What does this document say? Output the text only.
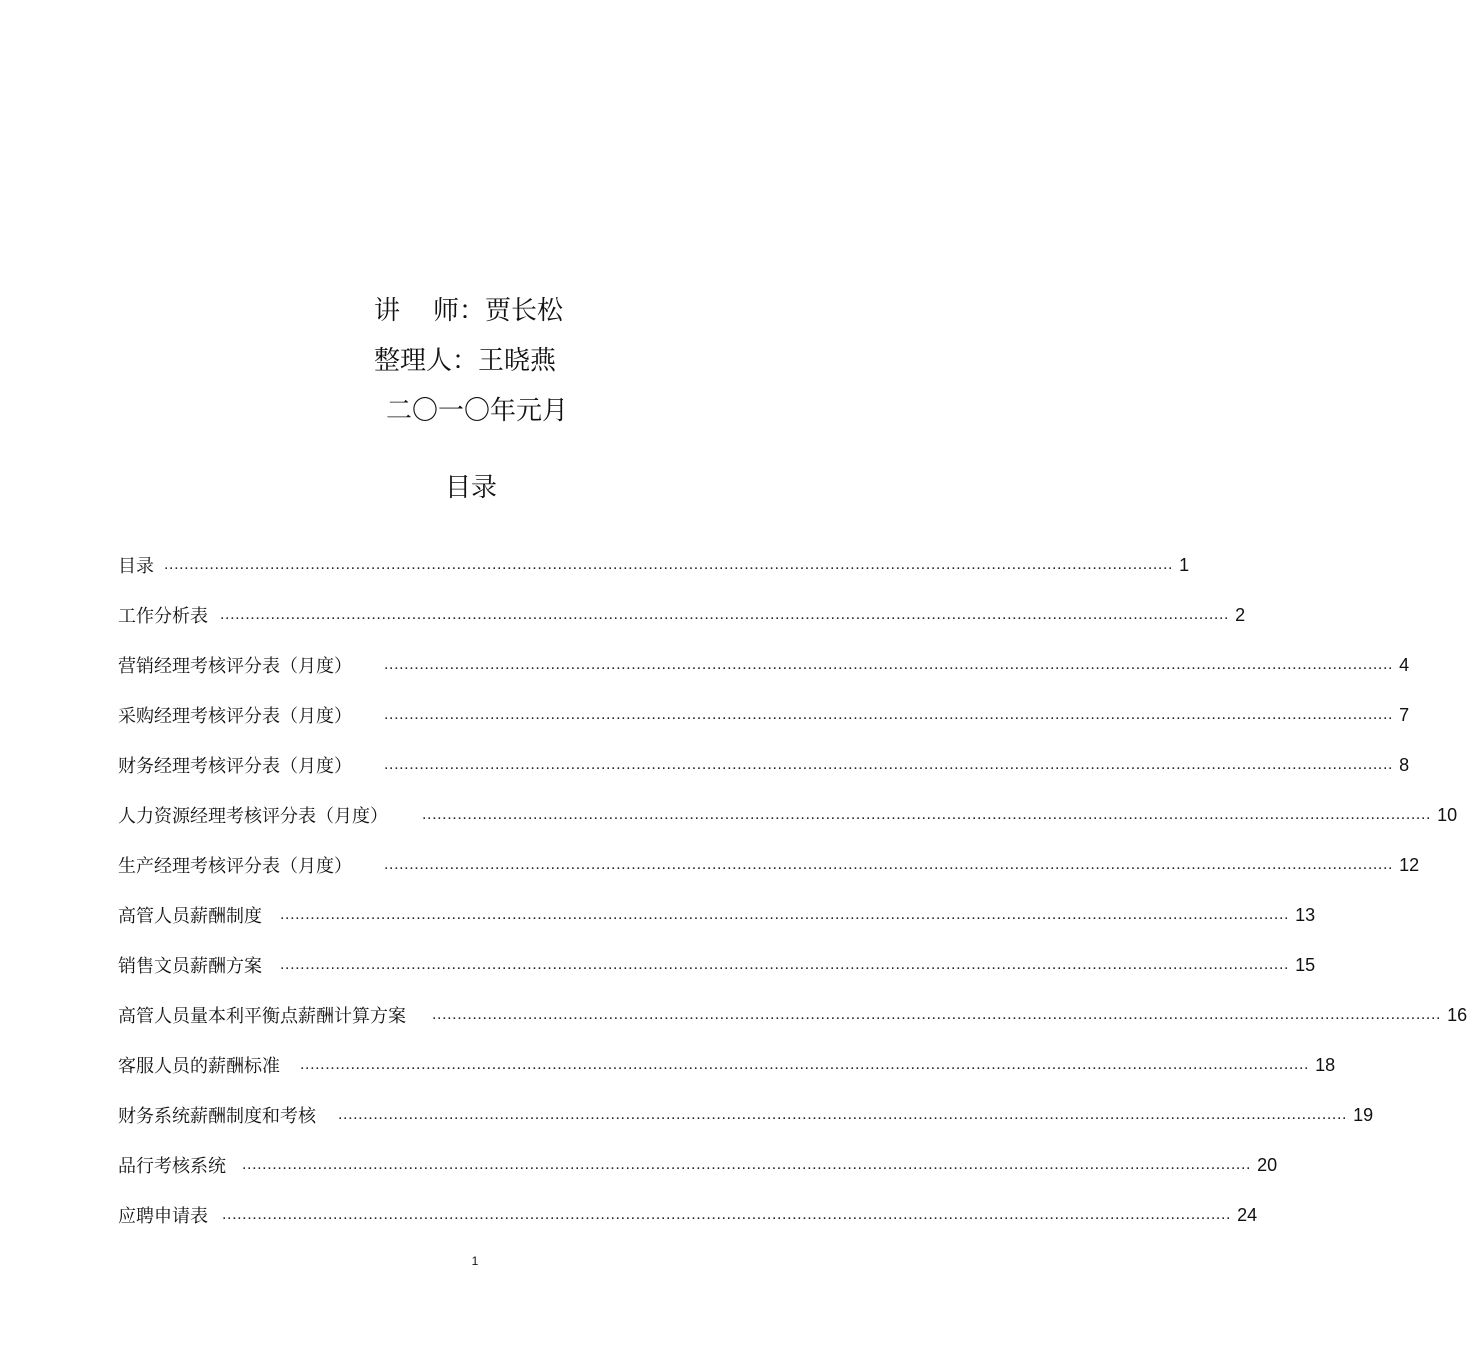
讲    师：贾长松
整理人：王晓燕
二〇一〇年元月
目录
目录 ........................................................................................................................................................................................................ 1
工作分析表 ........................................................................................................................................................................................................ 2
营销经理考核评分表（月度） ........................................................................................................................................................................................................ 4
采购经理考核评分表（月度） ........................................................................................................................................................................................................ 7
财务经理考核评分表（月度） ........................................................................................................................................................................................................ 8
人力资源经理考核评分表（月度） ........................................................................................................................................................................................................ 10
生产经理考核评分表（月度） ........................................................................................................................................................................................................ 12
高管人员薪酬制度 ........................................................................................................................................................................................................ 13
销售文员薪酬方案 ........................................................................................................................................................................................................ 15
高管人员量本利平衡点薪酬计算方案 ........................................................................................................................................................................................................ 16
客服人员的薪酬标准 ........................................................................................................................................................................................................ 18
财务系统薪酬制度和考核 ........................................................................................................................................................................................................ 19
品行考核系统 ........................................................................................................................................................................................................ 20
应聘申请表 ........................................................................................................................................................................................................ 24
1
